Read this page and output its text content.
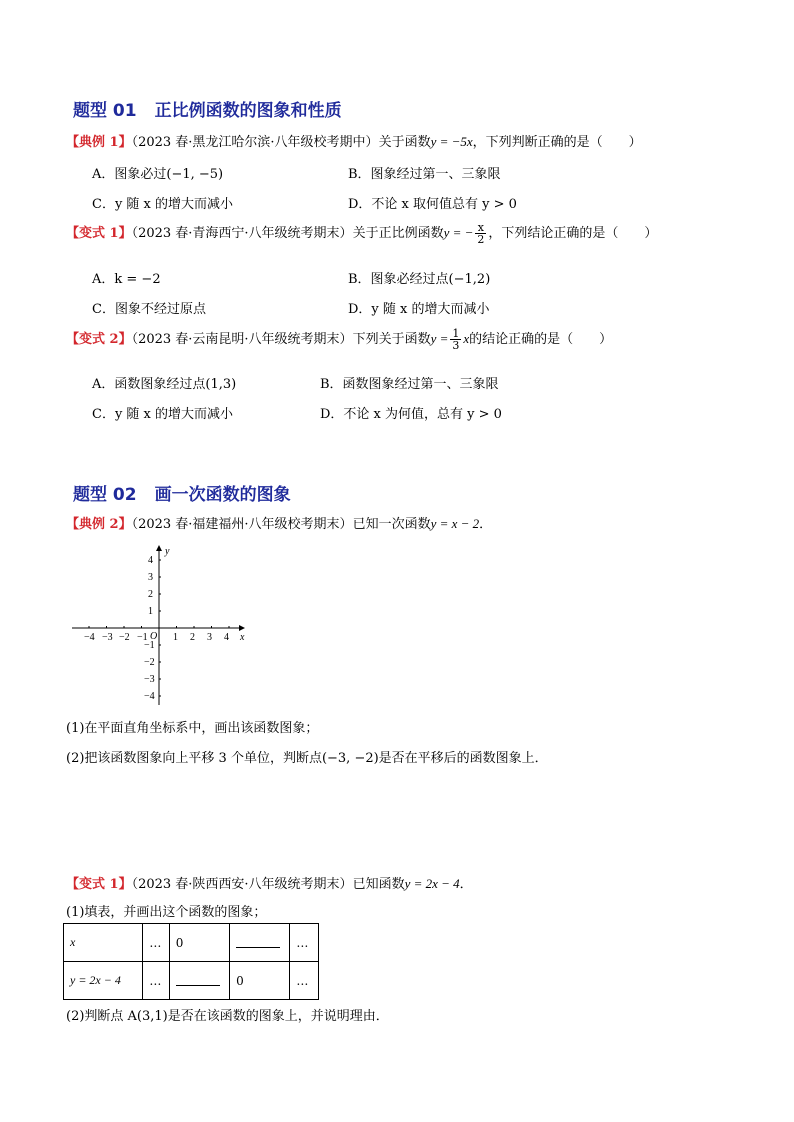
题型 01 正比例函数的图象和性质
【典例 1】（2023 春·黑龙江哈尔滨·八年级校考期中）关于函数y = −5x，下列判断正确的是（　　）
A．图象必过(−1, −5)	B．图象经过第一、三象限
C．y 随 x 的增大而减小	D．不论 x 取何值总有 y > 0
【变式 1】（2023 春·青海西宁·八年级统考期末）关于正比例函数y = − $\frac{x}{2}$ ，下列结论正确的是（　　）
A．k = −2	B．图象必经过点(−1,2)
C．图象不经过原点	D．y 随 x 的增大而减小
【变式 2】（2023 春·云南昆明·八年级统考期末）下列关于函数$y = \frac{1}{3}$ x的结论正确的是（　　）
A．函数图象经过点(1,3)	B．函数图象经过第一、三象限
C．y 随 x 的增大而减小	D．不论 x 为何值，总有 y > 0
题型 02 画一次函数的图象
【典例 2】（2023 春·福建福州·八年级校考期末）已知一次函数y = x − 2．
x
y
O
−4 −3 −2 −1	1 2 3 4
4
3
2
1
−1
−2
−3
−4
(1)在平面直角坐标系中，画出该函数图象；
(2)把该函数图象向上平移 3 个单位，判断点(−3, −2)是否在平移后的函数图象上．
【变式 1】（2023 春·陕西西安·八年级统考期末）已知函数y = 2x − 4．
(1)填表，并画出这个函数的图象；
x	…	0		…
y = 2x − 4	…		0	…
(2)判断点 A(3,1)是否在该函数的图象上，并说明理由．
